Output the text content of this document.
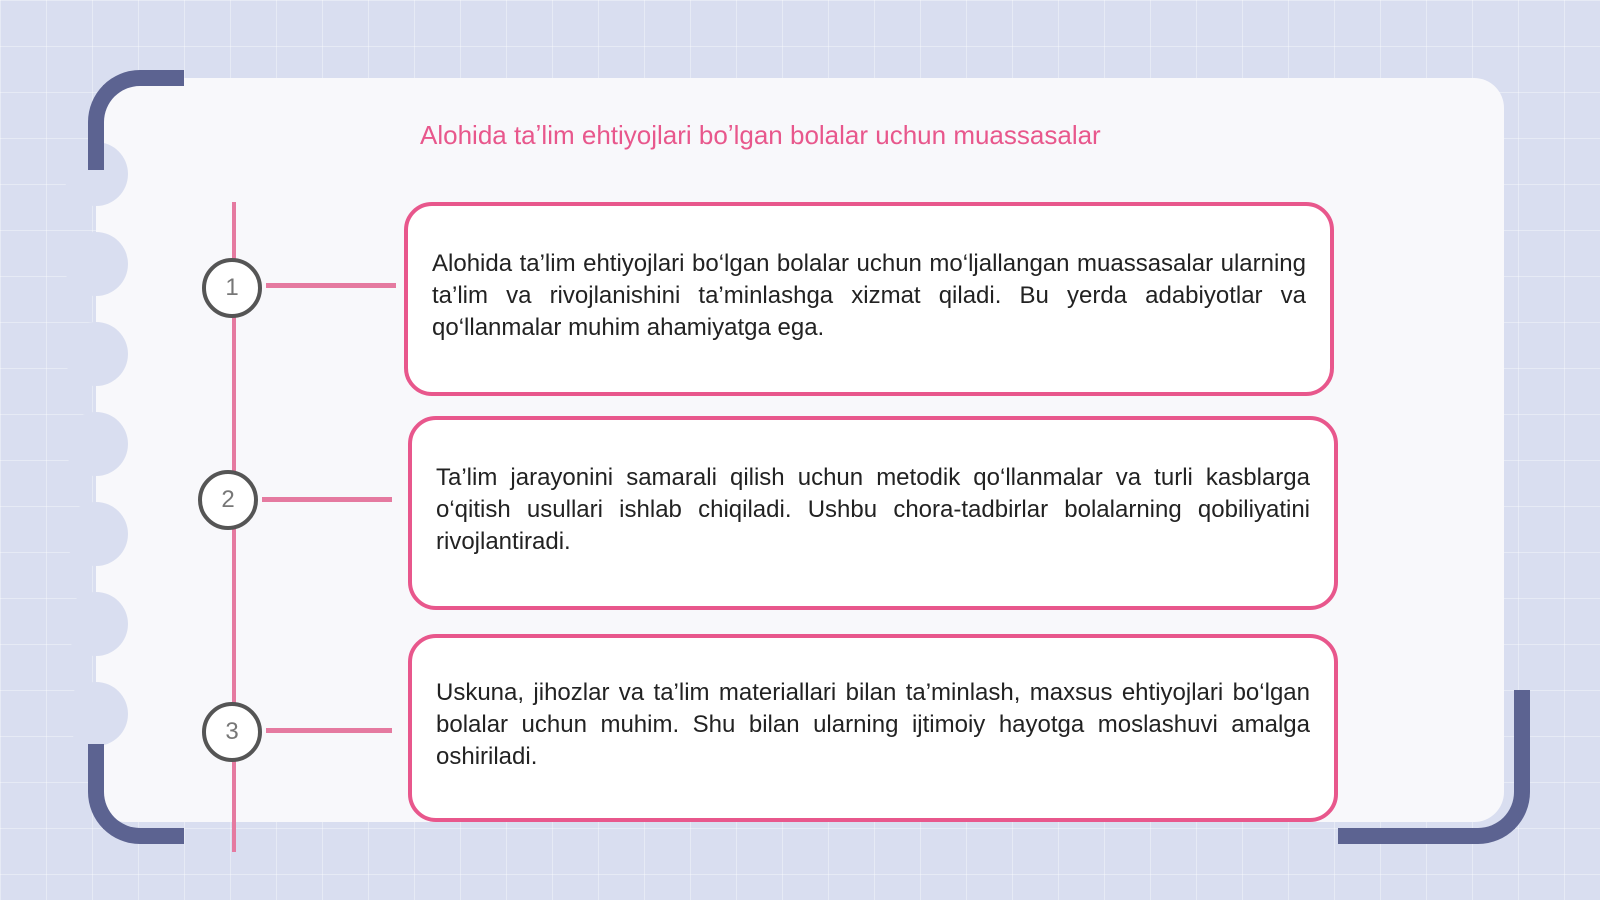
Alohida taʼlim ehtiyojlari boʼlgan bolalar uchun muassasalar
1

Alohida ta’lim ehtiyojlari bo‘lgan bolalar uchun mo‘ljallangan muassasalar ularning ta’lim va rivojlanishini ta’minlashga xizmat qiladi. Bu yerda adabiyotlar va qo‘llanmalar muhim ahamiyatga ega.

2

Ta’lim jarayonini samarali qilish uchun metodik qo‘llanmalar va turli kasblarga o‘qitish usullari ishlab chiqiladi. Ushbu chora-tadbirlar bolalarning qobiliyatini rivojlantiradi.

3

Uskuna, jihozlar va ta’lim materiallari bilan ta’minlash, maxsus ehtiyojlari bo‘lgan bolalar uchun muhim. Shu bilan ularning ijtimoiy hayotga moslashuvi amalga oshiriladi.
